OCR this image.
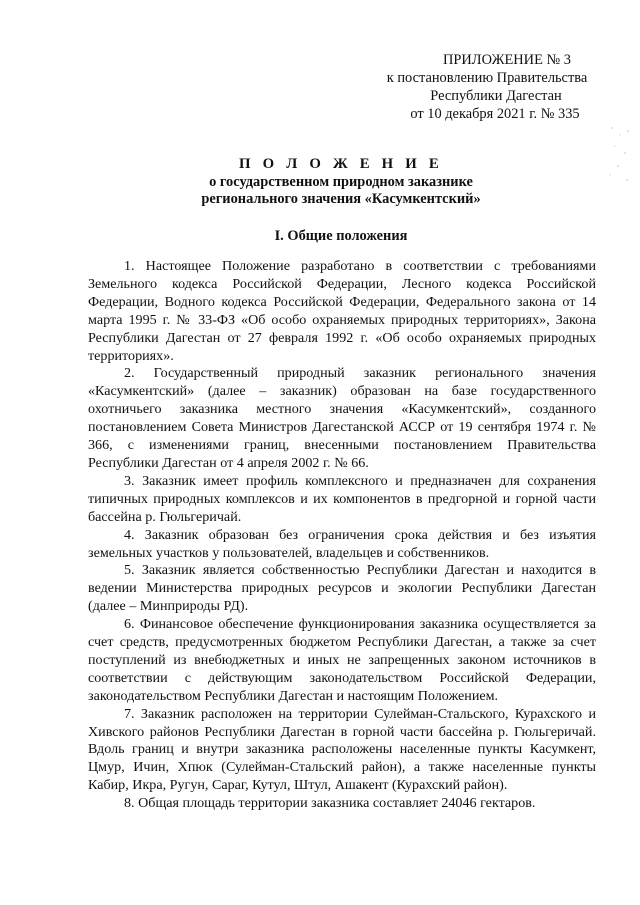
ПРИЛОЖЕНИЕ № 3
к постановлению Правительства
Республики Дагестан
от 10 декабря 2021 г. № 335
П О Л О Ж Е Н И Е
о государственном природном заказнике
регионального значения «Касумкентский»
I. Общие положения

1. Настоящее Положение разработано в соответствии с требованиями Земельного кодекса Российской Федерации, Лесного кодекса Российской Федерации, Водного кодекса Российской Федерации, Федерального закона от 14 марта 1995 г. № 33-ФЗ «Об особо охраняемых природных территориях», Закона Республики Дагестан от 27 февраля 1992 г. «Об особо охраняемых природных территориях».

2. Государственный природный заказник регионального значения «Касумкентский» (далее – заказник) образован на базе государственного охотничьего заказника местного значения «Касумкентский», созданного постановлением Совета Министров Дагестанской АССР от 19 сентября 1974 г. № 366, с изменениями границ, внесенными постановлением Правительства Республики Дагестан от 4 апреля 2002 г. № 66.

3. Заказник имеет профиль комплексного и предназначен для сохранения типичных природных комплексов и их компонентов в предгорной и горной части бассейна р. Гюльгеричай.

4. Заказник образован без ограничения срока действия и без изъятия земельных участков у пользователей, владельцев и собственников.

5. Заказник является собственностью Республики Дагестан и находится в ведении Министерства природных ресурсов и экологии Республики Дагестан (далее – Минприроды РД).

6. Финансовое обеспечение функционирования заказника осуществляется за счет средств, предусмотренных бюджетом Республики Дагестан, а также за счет поступлений из внебюджетных и иных не запрещенных законом источников в соответствии с действующим законодательством Российской Федерации, законодательством Республики Дагестан и настоящим Положением.

7. Заказник расположен на территории Сулейман-Стальского, Курахского и Хивского районов Республики Дагестан в горной части бассейна р. Гюльгеричай. Вдоль границ и внутри заказника расположены населенные пункты Касумкент, Цмур, Ичин, Хпюк (Сулейман-Стальский район), а также населенные пункты Кабир, Икра, Ругун, Сараг, Кутул, Штул, Ашакент (Курахский район).

8. Общая площадь территории заказника составляет 24046 гектаров.
